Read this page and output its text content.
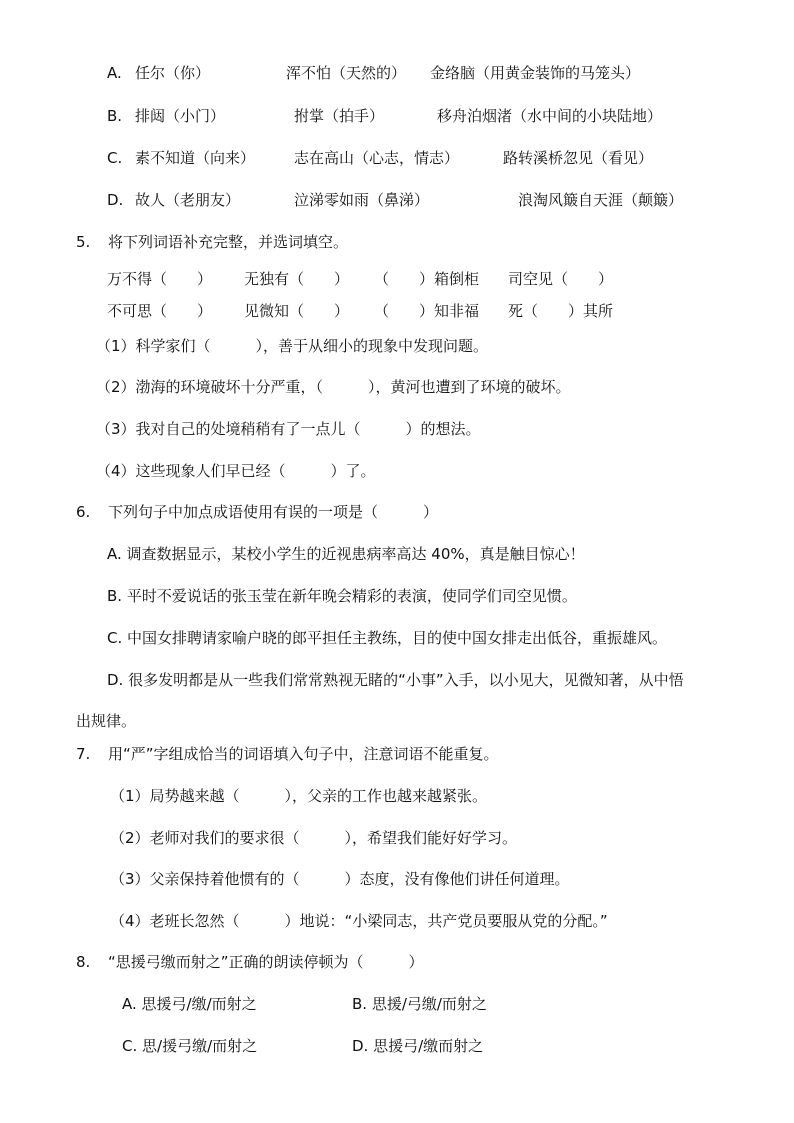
A. 任尔（你）	浑不怕（天然的） 金络脑（用黄金装饰的马笼头）
B. 排闼（小门）	拊掌（拍手）	移舟泊烟渚（水中间的小块陆地）
C. 素不知道（向来）	志在高山（心志，情志）	路转溪桥忽见（看见）
D. 故人（老朋友）	泣涕零如雨（鼻涕）	浪淘风簸自天涯（颠簸）
5. 将下列词语补充完整，并选词填空。
万不得（　　） 无独有（　　） （　　）箱倒柜 司空见（　　）
不可思（　　） 见微知（　　） （　　）知非福 死（　　）其所
（1）科学家们（　　　），善于从细小的现象中发现问题。
（2）渤海的环境破坏十分严重，（　　　），黄河也遭到了环境的破坏。
（3）我对自己的处境稍稍有了一点儿（　　　）的想法。
（4）这些现象人们早已经（　　　）了。
6. 下列句子中加点成语使用有误的一项是（　　　）
A. 调查数据显示，某校小学生的近视患病率高达 40%，真是触目惊心！
B. 平时不爱说话的张玉莹在新年晚会精彩的表演，使同学们司空见惯。
C. 中国女排聘请家喻户晓的郎平担任主教练，目的使中国女排走出低谷，重振雄风。
D. 很多发明都是从一些我们常常熟视无睹的“小事”入手，以小见大，见微知著，从中悟
出规律。
7. 用“严”字组成恰当的词语填入句子中，注意词语不能重复。
（1）局势越来越（　　　），父亲的工作也越来越紧张。
（2）老师对我们的要求很（　　　），希望我们能好好学习。
（3）父亲保持着他惯有的（　　　）态度，没有像他们讲任何道理。
（4）老班长忽然（　　　）地说：“小梁同志，共产党员要服从党的分配。”
8. “思援弓缴而射之”正确的朗读停顿为（　　　）
A. 思援弓/缴/而射之	B. 思援/弓缴/而射之
C. 思/援弓缴/而射之	D. 思援弓/缴而射之
